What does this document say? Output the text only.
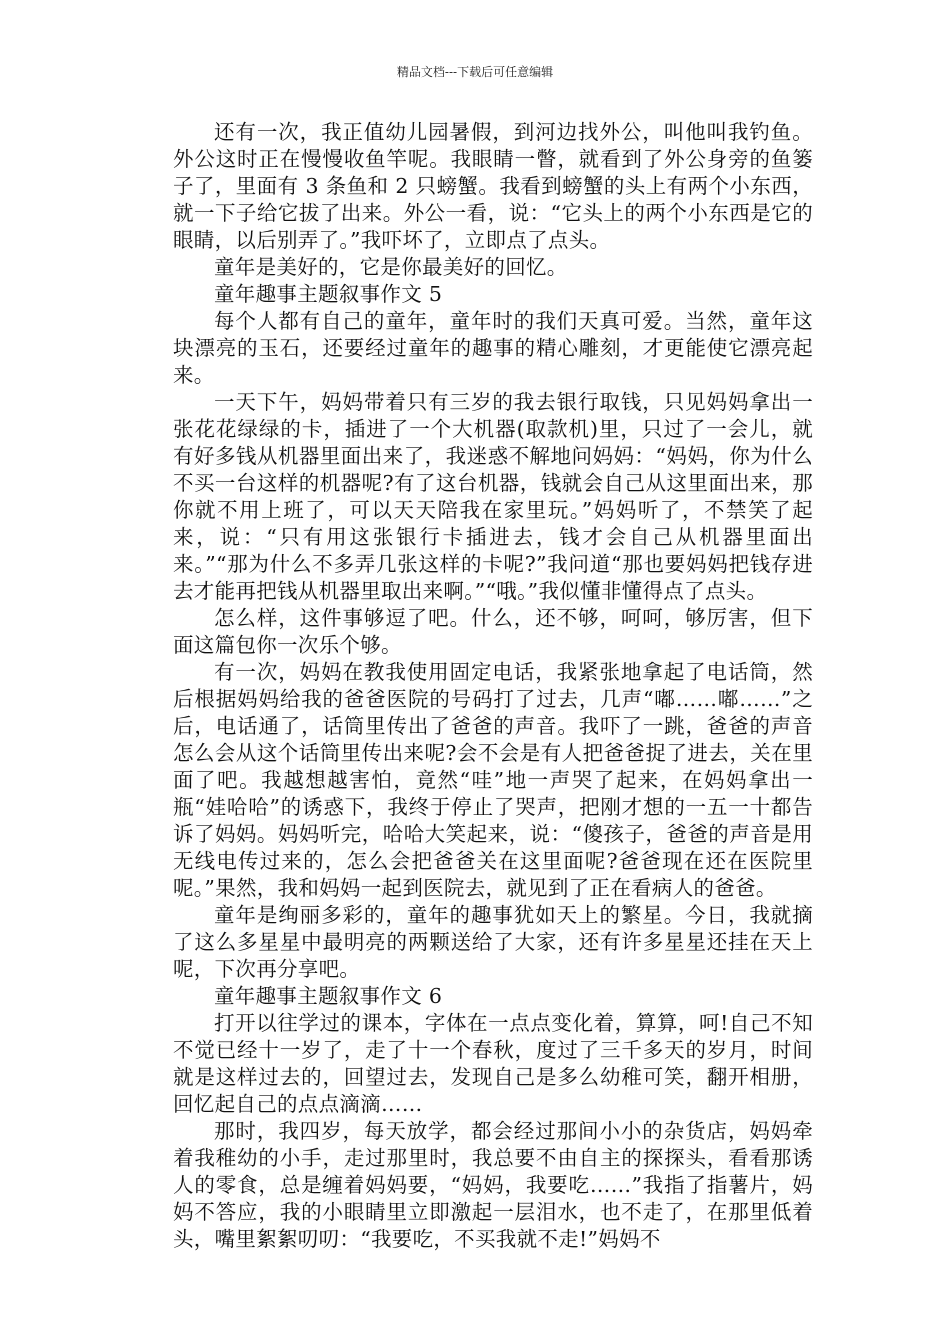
精品文档---下载后可任意编辑

还有一次，我正值幼儿园暑假，到河边找外公，叫他叫我钓鱼。外公这时正在慢慢收鱼竿呢。我眼睛一瞥，就看到了外公身旁的鱼篓子了，里面有 3 条鱼和 2 只螃蟹。我看到螃蟹的头上有两个小东西，就一下子给它拔了出来。外公一看，说：“它头上的两个小东西是它的眼睛，以后别弄了。”我吓坏了，立即点了点头。

童年是美好的，它是你最美好的回忆。

童年趣事主题叙事作文 5

每个人都有自己的童年，童年时的我们天真可爱。当然，童年这块漂亮的玉石，还要经过童年的趣事的精心雕刻，才更能使它漂亮起来。

一天下午，妈妈带着只有三岁的我去银行取钱，只见妈妈拿出一张花花绿绿的卡，插进了一个大机器(取款机)里，只过了一会儿，就有好多钱从机器里面出来了，我迷惑不解地问妈妈：“妈妈，你为什么不买一台这样的机器呢?有了这台机器，钱就会自己从这里面出来，那你就不用上班了，可以天天陪我在家里玩。”妈妈听了，不禁笑了起来，说：“只有用这张银行卡插进去，钱才会自己从机器里面出来。”“那为什么不多弄几张这样的卡呢?”我问道“那也要妈妈把钱存进去才能再把钱从机器里取出来啊。”“哦。”我似懂非懂得点了点头。

怎么样，这件事够逗了吧。什么，还不够，呵呵，够厉害，但下面这篇包你一次乐个够。

有一次，妈妈在教我使用固定电话，我紧张地拿起了电话筒，然后根据妈妈给我的爸爸医院的号码打了过去，几声“嘟……嘟……”之后，电话通了，话筒里传出了爸爸的声音。我吓了一跳，爸爸的声音怎么会从这个话筒里传出来呢?会不会是有人把爸爸捉了进去，关在里面了吧。我越想越害怕，竟然“哇”地一声哭了起来，在妈妈拿出一瓶“娃哈哈”的诱惑下，我终于停止了哭声，把刚才想的一五一十都告诉了妈妈。妈妈听完，哈哈大笑起来，说：“傻孩子，爸爸的声音是用无线电传过来的，怎么会把爸爸关在这里面呢?爸爸现在还在医院里呢。”果然，我和妈妈一起到医院去，就见到了正在看病人的爸爸。

童年是绚丽多彩的，童年的趣事犹如天上的繁星。今日，我就摘了这么多星星中最明亮的两颗送给了大家，还有许多星星还挂在天上呢，下次再分享吧。

童年趣事主题叙事作文 6

打开以往学过的课本，字体在一点点变化着，算算，呵!自己不知不觉已经十一岁了，走了十一个春秋，度过了三千多天的岁月，时间就是这样过去的，回望过去，发现自己是多么幼稚可笑，翻开相册，回忆起自己的点点滴滴……

那时，我四岁，每天放学，都会经过那间小小的杂货店，妈妈牵着我稚幼的小手，走过那里时，我总要不由自主的探探头，看看那诱人的零食，总是缠着妈妈要，“妈妈，我要吃……”我指了指薯片，妈妈不答应，我的小眼睛里立即激起一层泪水，也不走了，在那里低着头，嘴里絮絮叨叨：“我要吃，不买我就不走!”妈妈不
